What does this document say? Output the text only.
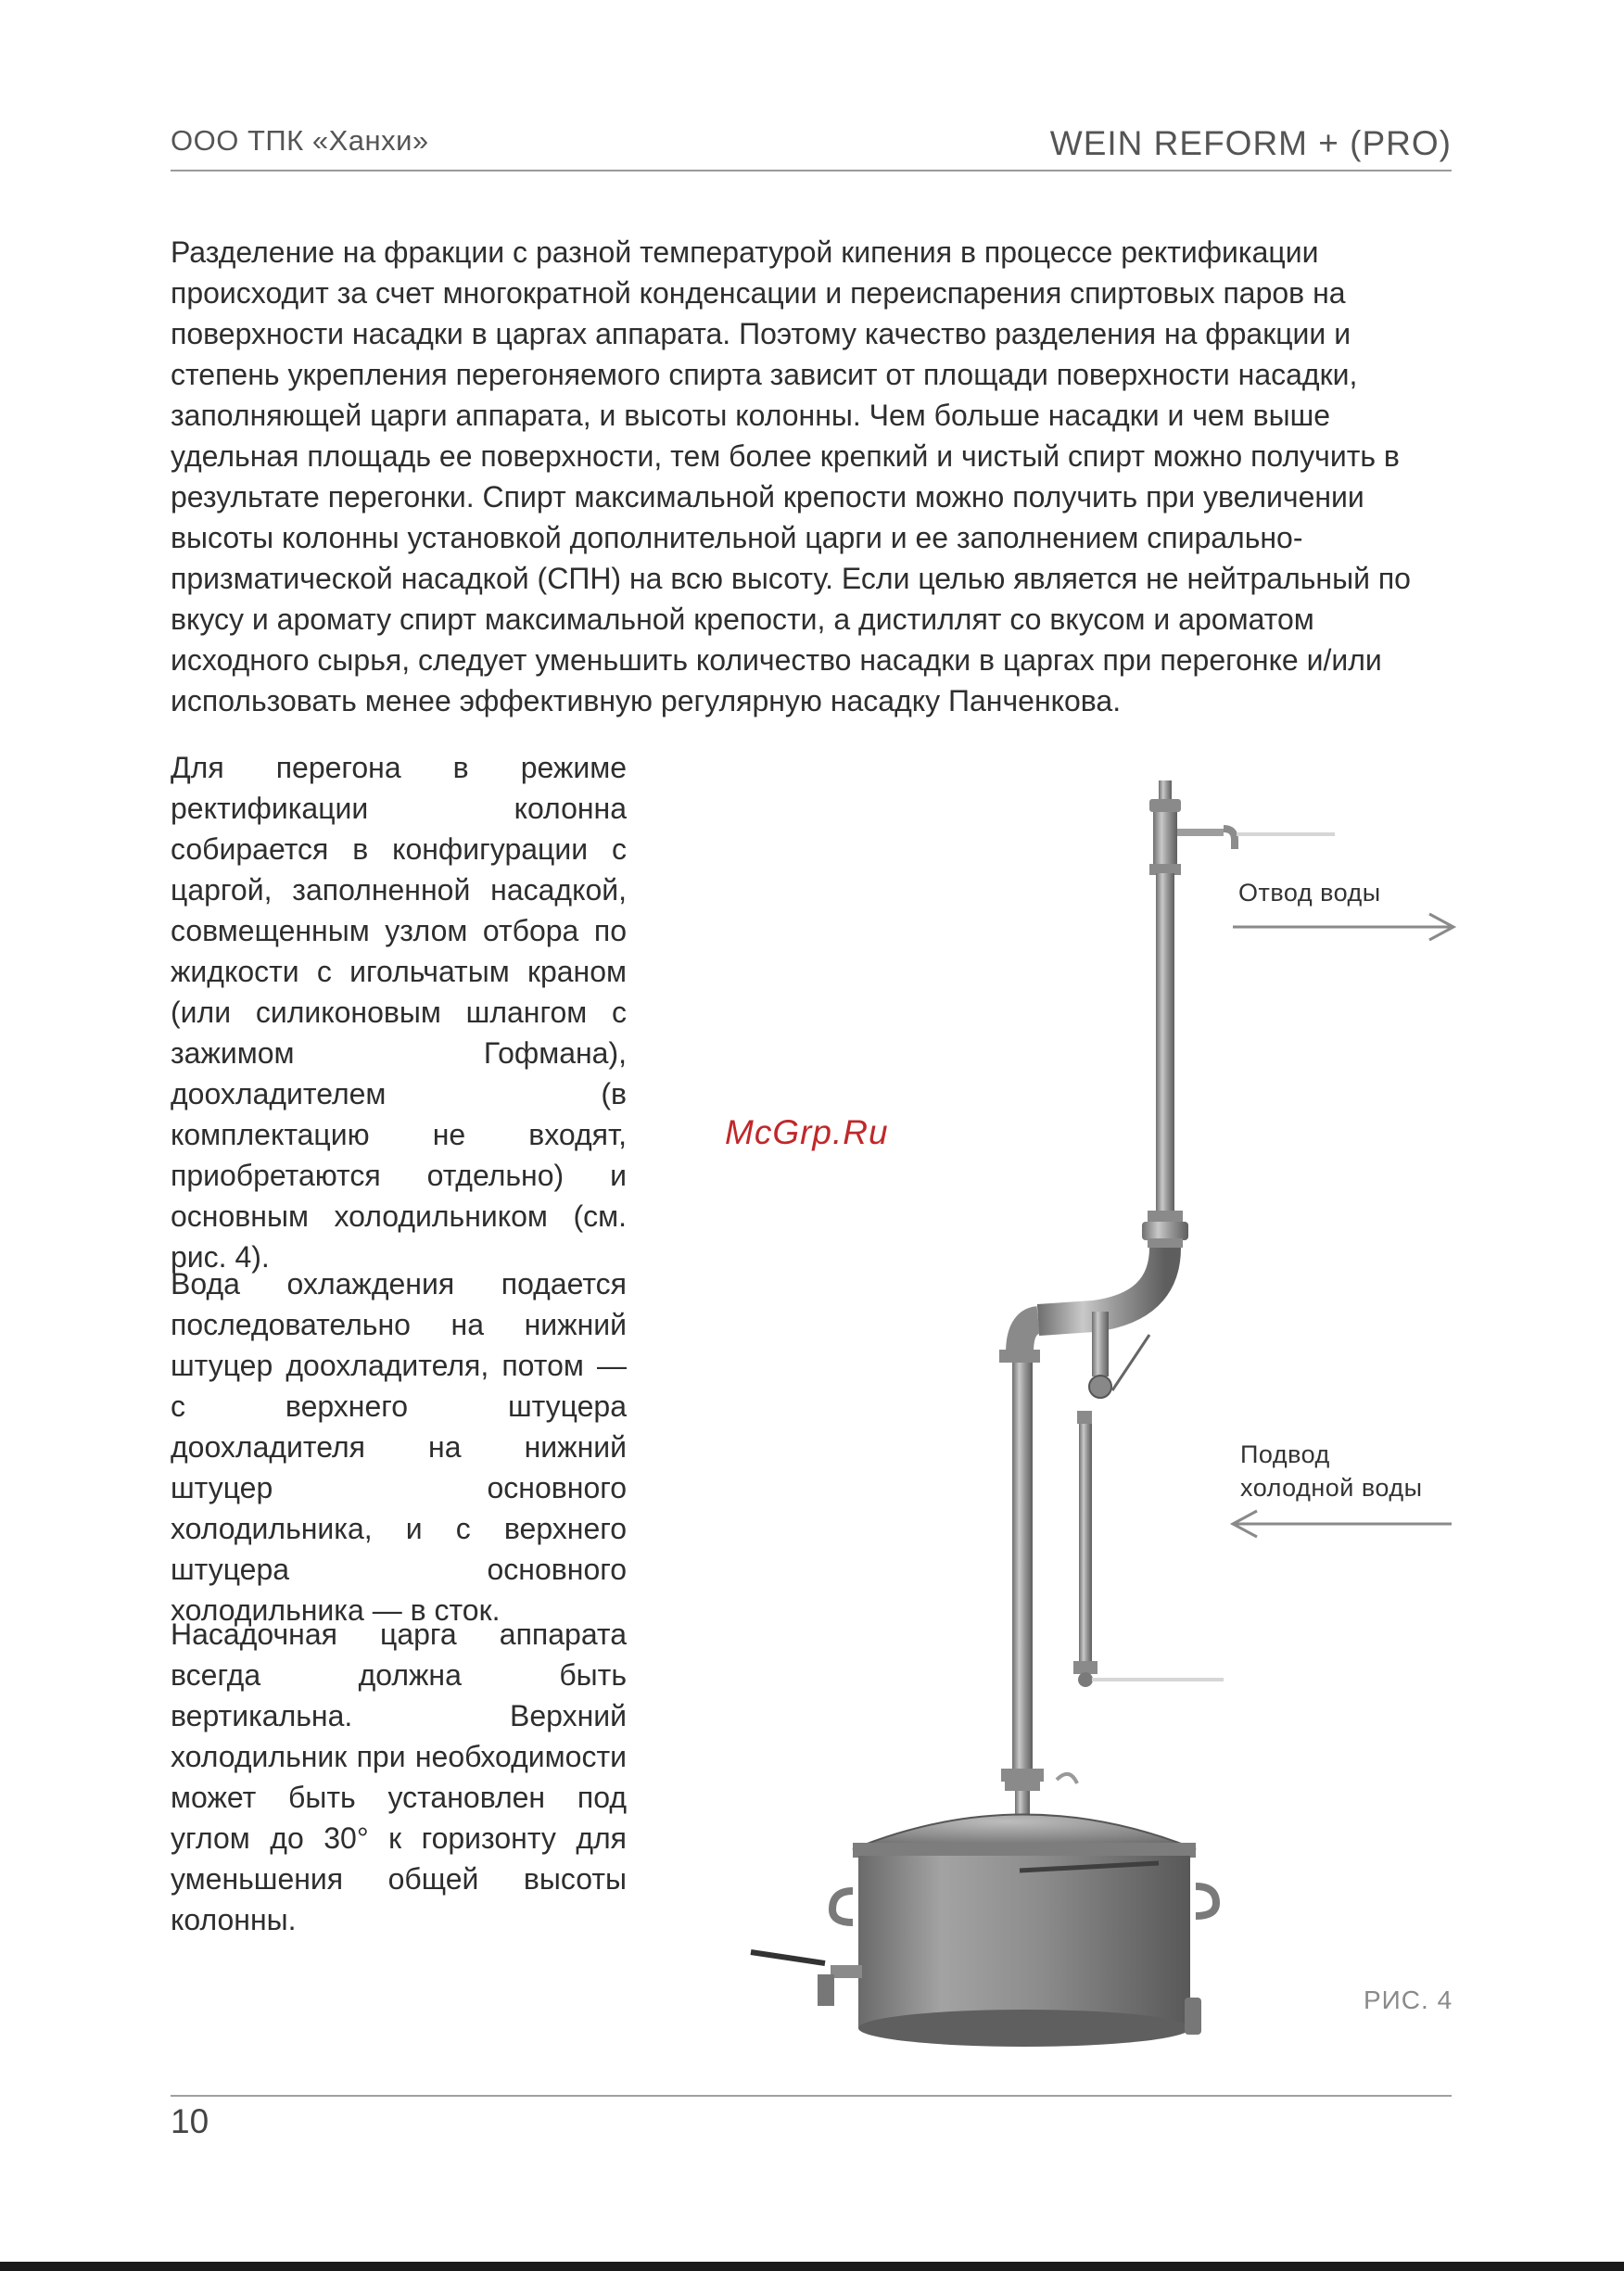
ООО ТПК «Ханхи»	WEIN REFORM + (PRO)
Разделение на фракции с разной температурой кипения в процессе ректификации происходит за счет многократной конденсации и переиспарения спиртовых паров на поверхности насадки в царгах аппарата. Поэтому качество разделения на фракции и степень укрепления перегоняемого спирта зависит от площади поверхности насадки, заполняющей царги аппарата, и высоты колонны. Чем больше насадки и чем выше удельная площадь ее поверхности, тем более крепкий и чистый спирт можно получить в результате перегонки. Спирт максимальной крепости можно получить при увеличении высоты колонны установкой дополнительной царги и ее заполнением спирально-призматической насадкой (СПН) на всю высоту. Если целью является не нейтральный по вкусу и аромату спирт максимальной крепости, а дистиллят со вкусом и ароматом исходного сырья, следует уменьшить количество насадки в царгах при перегонке и/или использовать менее эффективную регулярную насадку Панченкова.
Для перегона в режиме ректификации колонна собирается в конфигурации с царгой, заполненной насадкой, совмещенным узлом отбора по жидкости с игольчатым краном (или силиконовым шлангом с зажимом Гофмана), доохладителем (в комплектацию не входят, приобретаются отдельно) и основным холодильником (см. рис. 4).
Вода охлаждения подается последовательно на нижний штуцер доохладителя, потом — с верхнего штуцера доохладителя на нижний штуцер основного холодильника, и с верхнего штуцера основного холодильника — в сток.
Насадочная царга аппарата всегда должна быть вертикальна. Верхний холодильник при необходимости может быть установлен под углом до 30° к горизонту для уменьшения общей высоты колонны.
Отвод воды
Подвод
холодной воды
McGrp.Ru
РИС. 4
10
